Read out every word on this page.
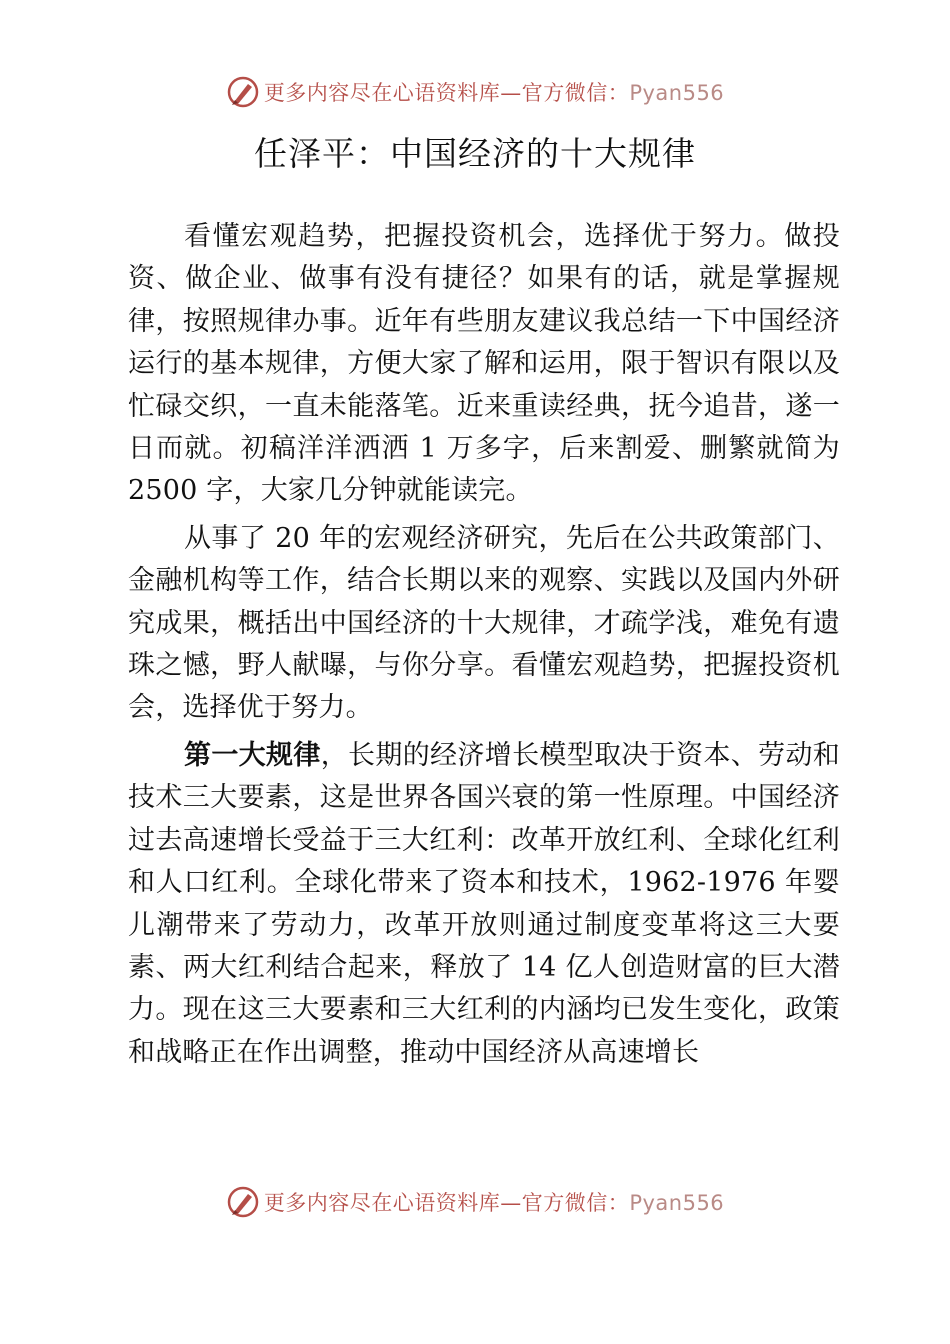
更多内容尽在心语资料库—官方微信：Pyan556
任泽平：中国经济的十大规律

看懂宏观趋势，把握投资机会，选择优于努力。做投资、做企业、做事有没有捷径？如果有的话，就是掌握规律，按照规律办事。近年有些朋友建议我总结一下中国经济运行的基本规律，方便大家了解和运用，限于智识有限以及忙碌交织，一直未能落笔。近来重读经典，抚今追昔，遂一日而就。初稿洋洋洒洒 1 万多字，后来割爱、删繁就简为 2500 字，大家几分钟就能读完。

从事了 20 年的宏观经济研究，先后在公共政策部门、金融机构等工作，结合长期以来的观察、实践以及国内外研究成果，概括出中国经济的十大规律，才疏学浅，难免有遗珠之憾，野人献曝，与你分享。看懂宏观趋势，把握投资机会，选择优于努力。

第一大规律，长期的经济增长模型取决于资本、劳动和技术三大要素，这是世界各国兴衰的第一性原理。中国经济过去高速增长受益于三大红利：改革开放红利、全球化红利和人口红利。全球化带来了资本和技术，1962-1976 年婴儿潮带来了劳动力，改革开放则通过制度变革将这三大要素、两大红利结合起来，释放了 14 亿人创造财富的巨大潜力。现在这三大要素和三大红利的内涵均已发生变化，政策和战略正在作出调整，推动中国经济从高速增长

更多内容尽在心语资料库—官方微信：Pyan556
